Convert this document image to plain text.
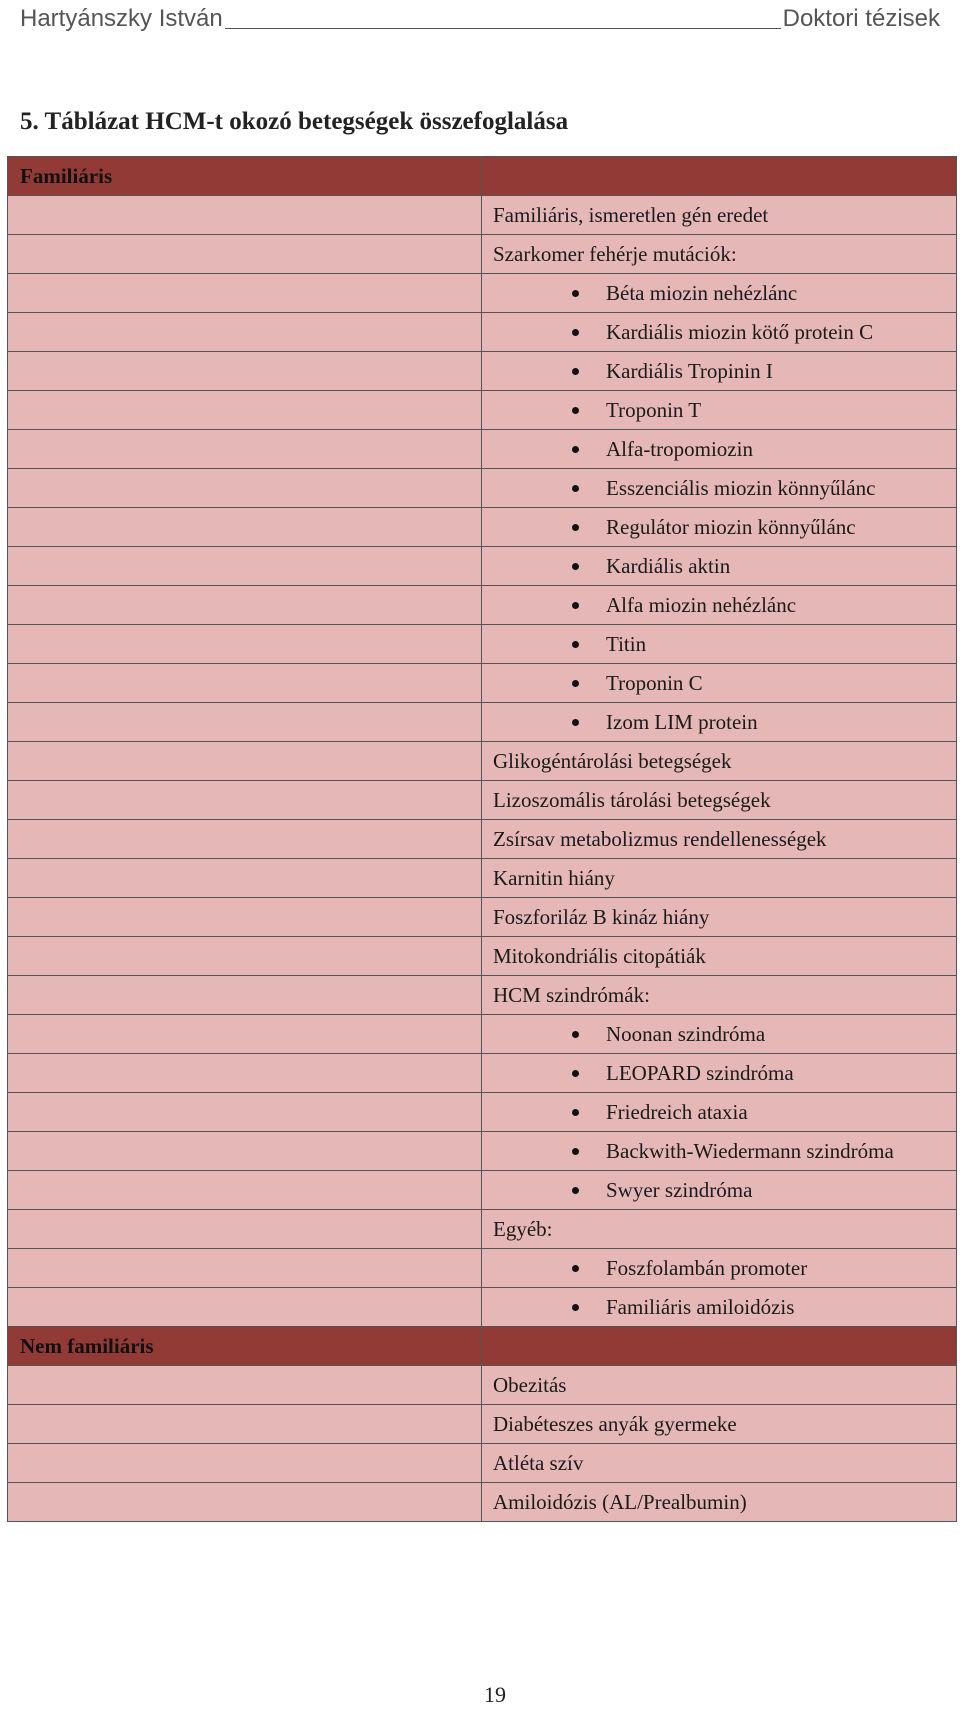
Hartyánszky István	Doktori tézisek
5. Táblázat HCM-t okozó betegségek összefoglalása
Familiáris	
	Familiáris, ismeretlen gén eredet
	Szarkomer fehérje mutációk:
	Béta miozin nehézlánc
	Kardiális miozin kötő protein C
	Kardiális Tropinin I
	Troponin T
	Alfa-tropomiozin
	Esszenciális miozin könnyűlánc
	Regulátor miozin könnyűlánc
	Kardiális aktin
	Alfa miozin nehézlánc
	Titin
	Troponin C
	Izom LIM protein
	Glikogéntárolási betegségek
	Lizoszomális tárolási betegségek
	Zsírsav metabolizmus rendellenességek
	Karnitin hiány
	Foszforiláz B kináz hiány
	Mitokondriális citopátiák
	HCM szindrómák:
	Noonan szindróma
	LEOPARD szindróma
	Friedreich ataxia
	Backwith-Wiedermann szindróma
	Swyer szindróma
	Egyéb:
	Foszfolambán promoter
	Familiáris amiloidózis
Nem familiáris	
	Obezitás
	Diabéteszes anyák gyermeke
	Atléta szív
	Amiloidózis (AL/Prealbumin)
19
